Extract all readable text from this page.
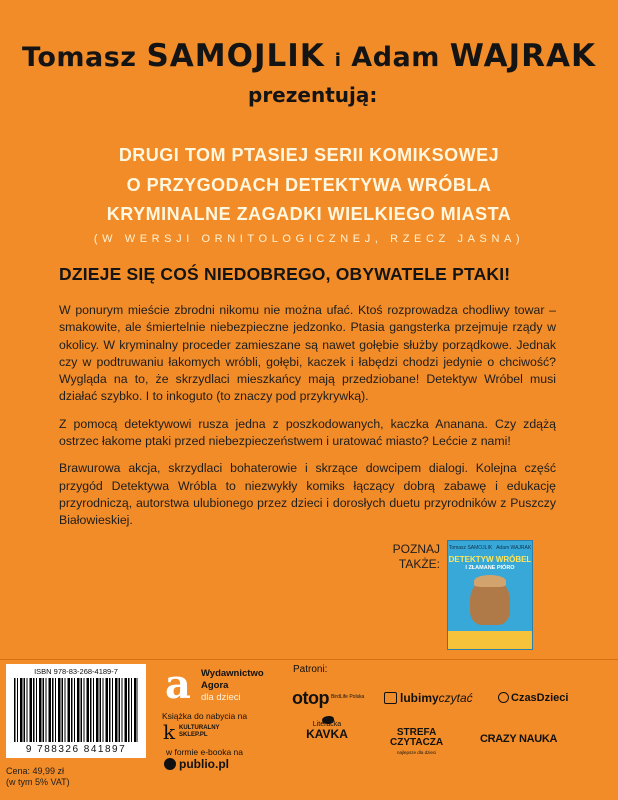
Tomasz SAMOJLIK i Adam WAJRAK
prezentują:
DRUGI TOM PTASIEJ SERII KOMIKSOWEJ
O PRZYGODACH DETEKTYWA WRÓBLA
KRYMINALNE ZAGADKI WIELKIEGO MIASTA
(W WERSJI ORNITOLOGICZNEJ, RZECZ JASNA)
DZIEJE SIĘ COŚ NIEDOBREGO, OBYWATELE PTAKI!

W ponurym mieście zbrodni nikomu nie można ufać. Ktoś rozprowadza chodliwy towar – smakowite, ale śmiertelnie niebezpieczne jedzonko. Ptasia gangsterka przejmuje rządy w okolicy. W kryminalny proceder zamieszane są nawet gołębie służby porządkowe. Jednak czy w podtruwaniu łakomych wróbli, gołębi, kaczek i łabędzi chodzi jedynie o chciwość? Wygląda na to, że skrzydlaci mieszkańcy mają przedziobane! Detektyw Wróbel musi działać szybko. I to inkoguto (to znaczy pod przykrywką).

Z pomocą detektywowi rusza jedna z poszkodowanych, kaczka Ananana. Czy zdążą ostrzec łakome ptaki przed niebezpieczeństwem i uratować miasto? Lećcie z nami!

Brawurowa akcja, skrzydlaci bohaterowie i skrzące dowcipem dialogi. Kolejna część przygód Detektywa Wróbla to niezwykły komiks łączący dobrą zabawę i edukację przyrodniczą, autorstwa ulubionego przez dzieci i dorosłych duetu przyrodników z Puszczy Białowieskiej.

POZNAJ
TAKŻE:
Tomasz SAMOJLIK Adam WAJRAK
DETEKTYW WRÓBEL
I ZŁAMANE PIÓRO
ISBN 978-83-268-4189-7
9 788326 841897
Cena: 49,99 zł
(w tym 5% VAT)
a	Wydawnictwo
Agora
dla dzieci
Książka do nabycia na
k KULTURALNY
SKLEP.PL
w formie e-booka na
publio.pl
Patroni:
otop $^{BirdLife Polska}$	lubimyczytać	CzasDzieci
Literacka
KAVKA	STREFA
CZYTACZA
najlepsze dla dzieci
CRAZY NAUKA
